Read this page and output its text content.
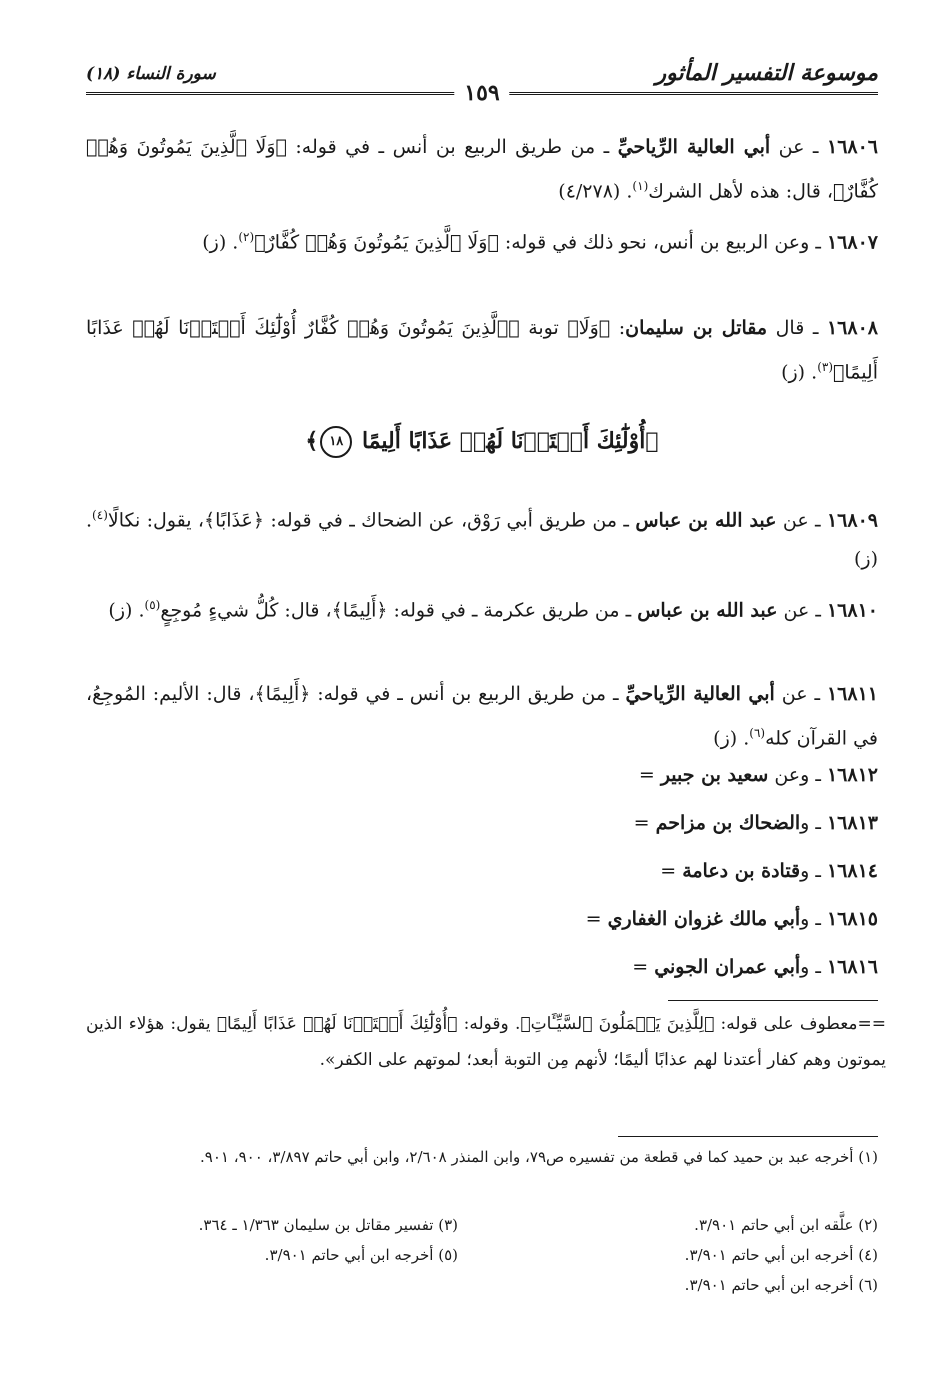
موسوعة التفسير المأثور
سورة النساء (١٨)
١٥٩

١٦٨٠٦ ـ عن أبي العالية الرِّياحيِّ ـ من طريق الربيع بن أنس ـ في قوله: ﴿وَلَا ٱلَّذِينَ يَمُوتُونَ وَهُمۡ كُفَّارٌ﴾، قال: هذه لأهل الشرك$^{(١)}$. (٤/٢٧٨)

١٦٨٠٧ ـ وعن الربيع بن أنس، نحو ذلك في قوله: ﴿وَلَا ٱلَّذِينَ يَمُوتُونَ وَهُمۡ كُفَّارٌ﴾$^{(٢)}$. (ز)

١٦٨٠٨ ـ قال مقاتل بن سليمان: ﴿وَلَا﴾ توبة ﴿ٱلَّذِينَ يَمُوتُونَ وَهُمۡ كُفَّارٌ أُوْلَٰٓئِكَ أَعۡتَدۡنَا لَهُمۡ عَذَابًا أَلِيمًا﴾$^{(٣)}$. (ز)

﴿أُوْلَٰٓئِكَ أَعۡتَدۡنَا لَهُمۡ عَذَابًا أَلِيمًا ١٨﴾

١٦٨٠٩ ـ عن عبد الله بن عباس ـ من طريق أبي رَوْق، عن الضحاك ـ في قوله: ﴿عَذَابًا﴾، يقول: نكالًا$^{(٤)}$. (ز)

١٦٨١٠ ـ عن عبد الله بن عباس ـ من طريق عكرمة ـ في قوله: ﴿أَلِيمًا﴾، قال: كُلُّ شيءٍ مُوجِعٍ$^{(٥)}$. (ز)

١٦٨١١ ـ عن أبي العالية الرِّياحيِّ ـ من طريق الربيع بن أنس ـ في قوله: ﴿أَلِيمًا﴾، قال: الأليم: المُوجِعُ، في القرآن كله$^{(٦)}$. (ز)

١٦٨١٢ ـ وعن سعيد بن جبير =
١٦٨١٣ ـ والضحاك بن مزاحم =
١٦٨١٤ ـ وقتادة بن دعامة =
١٦٨١٥ ـ وأبي مالك غزوان الغفاري =
١٦٨١٦ ـ وأبي عمران الجوني =
==معطوف على قوله: ﴿لِلَّذِينَ يَعۡمَلُونَ ٱلسَّيِّـَٔاتِ﴾. وقوله: ﴿أُوْلَٰٓئِكَ أَعۡتَدۡنَا لَهُمۡ عَذَابًا أَلِيمًا﴾ يقول: هؤلاء الذين يموتون وهم كفار أعتدنا لهم عذابًا أليمًا؛ لأنهم مِن التوبة أبعد؛ لموتهم على الكفر».
(١) أخرجه عبد بن حميد كما في قطعة من تفسيره ص٧٩، وابن المنذر ٢/٦٠٨، وابن أبي حاتم ٣/٨٩٧، ٩٠٠، ٩٠١.
(٢) علَّقه ابن أبي حاتم ٣/٩٠١.
(٣) تفسير مقاتل بن سليمان ١/٣٦٣ ـ ٣٦٤.
(٤) أخرجه ابن أبي حاتم ٣/٩٠١.
(٥) أخرجه ابن أبي حاتم ٣/٩٠١.
(٦) أخرجه ابن أبي حاتم ٣/٩٠١.
